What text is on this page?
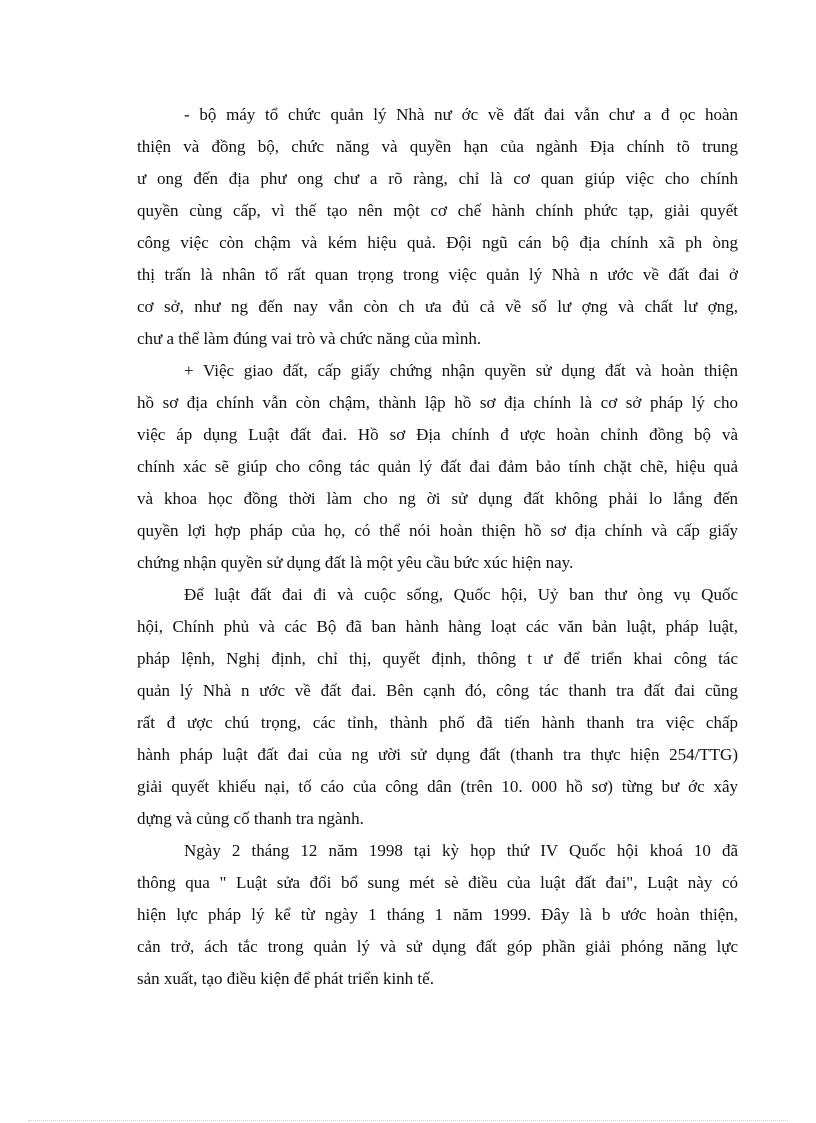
- bộ máy tổ chức quản lý Nhà nư ớc về đất đai vẫn chư a đ ọc hoàn
thiện và đồng bộ, chức năng và quyền hạn của ngành Địa chính tõ trung
ư ong đến địa phư ong chư a rõ ràng, chỉ là cơ quan giúp việc cho chính
quyền cùng cấp, vì thế tạo nên một cơ chế hành chính phức tạp, giải quyết
công việc còn chậm và kém hiệu quả. Đội ngũ cán bộ địa chính xã ph òng
thị trấn là nhân tố rất quan trọng trong việc quản lý Nhà n ước về đất đai ở
cơ sở, như ng đến nay vẫn còn ch ưa đủ cả về số lư ợng và chất lư ợng,
chư a thể làm đúng vai trò và chức năng của mình.
+ Việc giao đất, cấp giấy chứng nhận quyền sử dụng đất và hoàn thiện
hồ sơ địa chính vẫn còn chậm, thành lập hồ sơ địa chính là cơ sở pháp lý cho
việc áp dụng Luật đất đai. Hồ sơ Địa chính đ ược hoàn chỉnh đồng bộ và
chính xác sẽ giúp cho công tác quản lý đất đai đảm bảo tính chặt chẽ, hiệu quả
và khoa học đồng thời làm cho ng ời sử dụng đất không phải lo lắng đến
quyền lợi hợp pháp của họ, có thể nói hoàn thiện hồ sơ địa chính và cấp giấy
chứng nhận quyền sử dụng đất là một yêu cầu bức xúc hiện nay.
Để luật đất đai đi và cuộc sống, Quốc hội, Uỷ ban thư òng vụ Quốc
hội, Chính phủ và các Bộ đã ban hành hàng loạt các văn bản luật, pháp luật,
pháp lệnh, Nghị định, chỉ thị, quyết định, thông t ư để triển khai công tác
quản lý Nhà n ước về đất đai. Bên cạnh đó, công tác thanh tra đất đai cũng
rất đ ược chú trọng, các tỉnh, thành phố đã tiến hành thanh tra việc chấp
hành pháp luật đất đai của ng ười sử dụng đất (thanh tra thực hiện 254/TTG)
giải quyết khiếu nại, tố cáo của công dân (trên 10. 000 hồ sơ) từng bư ớc xây
dựng và củng cố thanh tra ngành.
Ngày 2 tháng 12 năm 1998 tại kỳ họp thứ IV Quốc hội khoá 10 đã
thông qua " Luật sửa đổi bổ sung mét sè điều của luật đất đai", Luật này có
hiện lực pháp lý kể từ ngày 1 tháng 1 năm 1999. Đây là b ước hoàn thiện,
cản trở, ách tắc trong quản lý và sử dụng đất góp phần giải phóng năng lực
sản xuất, tạo điều kiện để phát triển kinh tế.
